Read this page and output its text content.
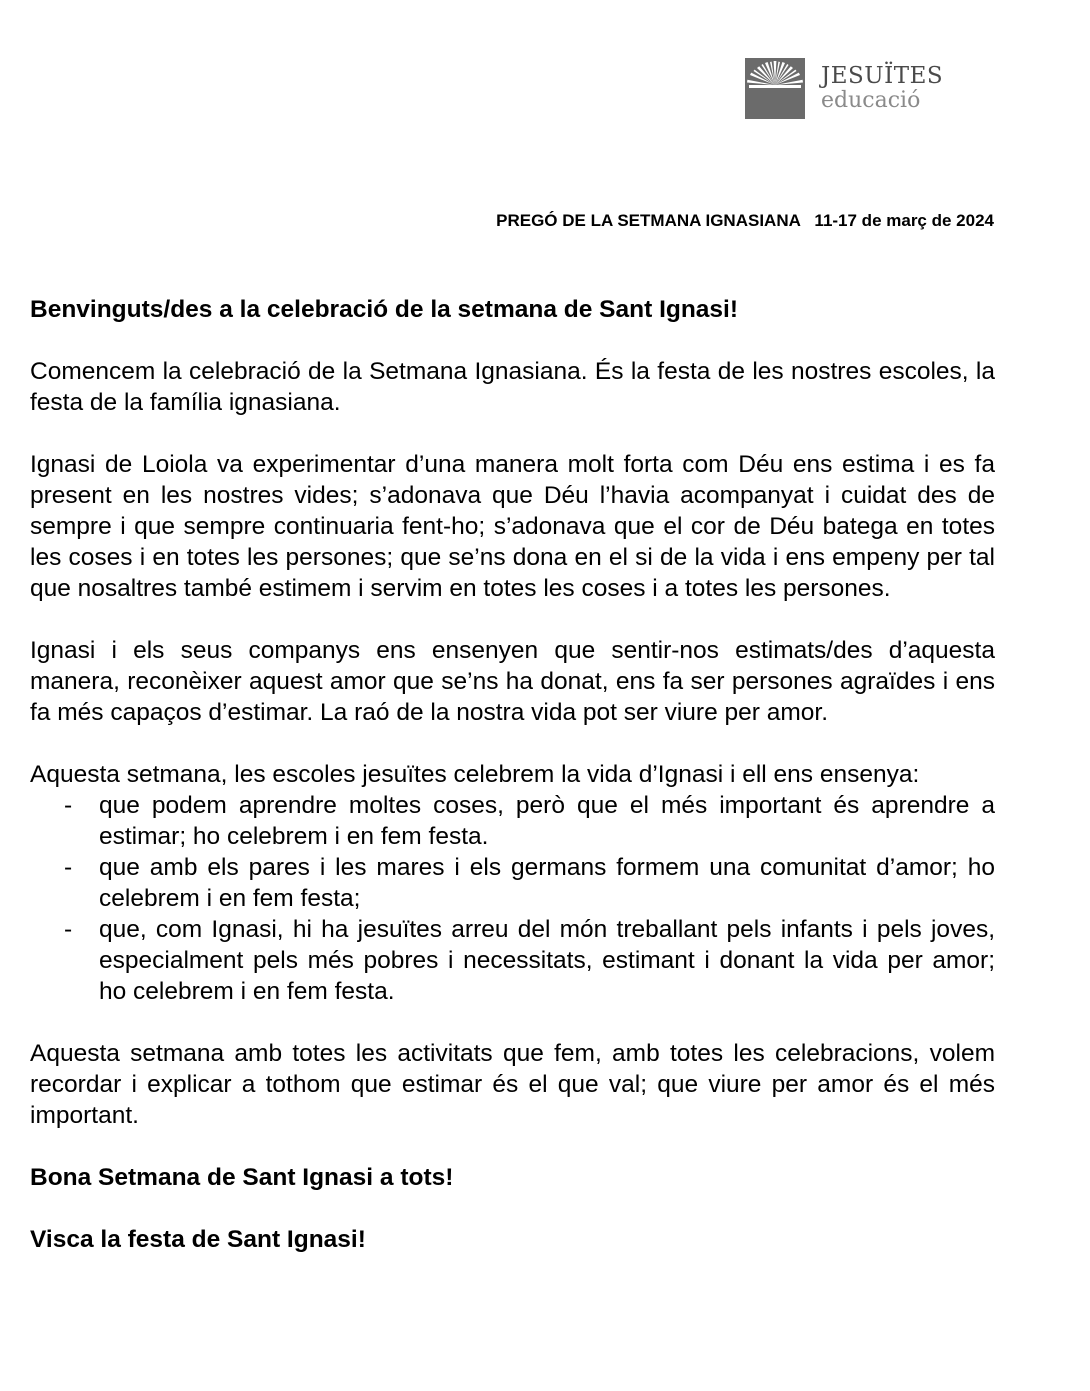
JESUÏTES
educació
PREGÓ DE LA SETMANA IGNASIANA 11-17 de març de 2024

Benvinguts/des a la celebració de la setmana de Sant Ignasi!

Comencem la celebració de la Setmana Ignasiana. És la festa de les nostres escoles, la festa de la família ignasiana.

Ignasi de Loiola va experimentar d’una manera molt forta com Déu ens estima i es fa present en les nostres vides; s’adonava que Déu l’havia acompanyat i cuidat des de sempre i que sempre continuaria fent-ho; s’adonava que el cor de Déu batega en totes les coses i en totes les persones; que se’ns dona en el si de la vida i ens empeny per tal que nosaltres també estimem i servim en totes les coses i a totes les persones.

Ignasi i els seus companys ens ensenyen que sentir-nos estimats/des d’aquesta manera, reconèixer aquest amor que se’ns ha donat, ens fa ser persones agraïdes i ens fa més capaços d’estimar. La raó de la nostra vida pot ser viure per amor.

Aquesta setmana, les escoles jesuïtes celebrem la vida d’Ignasi i ell ens ensenya:

- que podem aprendre moltes coses, però que el més important és aprendre a estimar; ho celebrem i en fem festa.
- que amb els pares i les mares i els germans formem una comunitat d’amor; ho celebrem i en fem festa;
- que, com Ignasi, hi ha jesuïtes arreu del món treballant pels infants i pels joves, especialment pels més pobres i necessitats, estimant i donant la vida per amor; ho celebrem i en fem festa.

Aquesta setmana amb totes les activitats que fem, amb totes les celebracions, volem recordar i explicar a tothom que estimar és el que val; que viure per amor és el més important.

Bona Setmana de Sant Ignasi a tots!

Visca la festa de Sant Ignasi!
